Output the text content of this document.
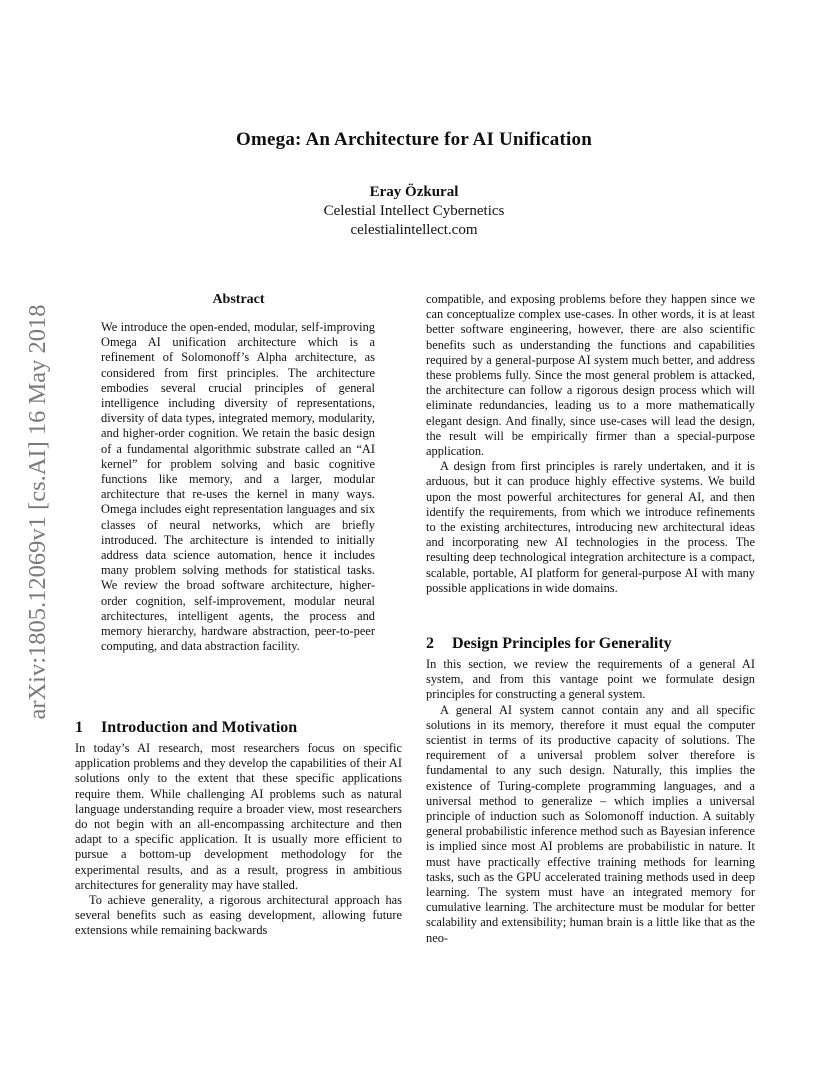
Omega: An Architecture for AI Unification
Eray Özkural
Celestial Intellect Cybernetics
celestialintellect.com
arXiv:1805.12069v1 [cs.AI] 16 May 2018
Abstract

We introduce the open-ended, modular, self-improving Omega AI unification architecture which is a refinement of Solomonoff’s Alpha architecture, as considered from first principles. The architecture embodies several crucial principles of general intelligence including diversity of representations, diversity of data types, integrated memory, modularity, and higher-order cognition. We retain the basic design of a fundamental algorithmic substrate called an “AI kernel” for problem solving and basic cognitive functions like memory, and a larger, modular architecture that re-uses the kernel in many ways. Omega includes eight representation languages and six classes of neural networks, which are briefly introduced. The architecture is intended to initially address data science automation, hence it includes many problem solving methods for statistical tasks. We review the broad software architecture, higher-order cognition, self-improvement, modular neural architectures, intelligent agents, the process and memory hierarchy, hardware abstraction, peer-to-peer computing, and data abstraction facility.

1 Introduction and Motivation

In today’s AI research, most researchers focus on specific application problems and they develop the capabilities of their AI solutions only to the extent that these specific applications require them. While challenging AI problems such as natural language understanding require a broader view, most researchers do not begin with an all-encompassing architecture and then adapt to a specific application. It is usually more efficient to pursue a bottom-up development methodology for the experimental results, and as a result, progress in ambitious architectures for generality may have stalled.

To achieve generality, a rigorous architectural approach has several benefits such as easing development, allowing future extensions while remaining backwards

compatible, and exposing problems before they happen since we can conceptualize complex use-cases. In other words, it is at least better software engineering, however, there are also scientific benefits such as understanding the functions and capabilities required by a general-purpose AI system much better, and address these problems fully. Since the most general problem is attacked, the architecture can follow a rigorous design process which will eliminate redundancies, leading us to a more mathematically elegant design. And finally, since use-cases will lead the design, the result will be empirically firmer than a special-purpose application.

A design from first principles is rarely undertaken, and it is arduous, but it can produce highly effective systems. We build upon the most powerful architectures for general AI, and then identify the requirements, from which we introduce refinements to the existing architectures, introducing new architectural ideas and incorporating new AI technologies in the process. The resulting deep technological integration architecture is a compact, scalable, portable, AI platform for general-purpose AI with many possible applications in wide domains.

2 Design Principles for Generality

In this section, we review the requirements of a general AI system, and from this vantage point we formulate design principles for constructing a general system.

A general AI system cannot contain any and all specific solutions in its memory, therefore it must equal the computer scientist in terms of its productive capacity of solutions. The requirement of a universal problem solver therefore is fundamental to any such design. Naturally, this implies the existence of Turing-complete programming languages, and a universal method to generalize – which implies a universal principle of induction such as Solomonoff induction. A suitably general probabilistic inference method such as Bayesian inference is implied since most AI problems are probabilistic in nature. It must have practically effective training methods for learning tasks, such as the GPU accelerated training methods used in deep learning. The system must have an integrated memory for cumulative learning. The architecture must be modular for better scalability and extensibility; human brain is a little like that as the neo-
